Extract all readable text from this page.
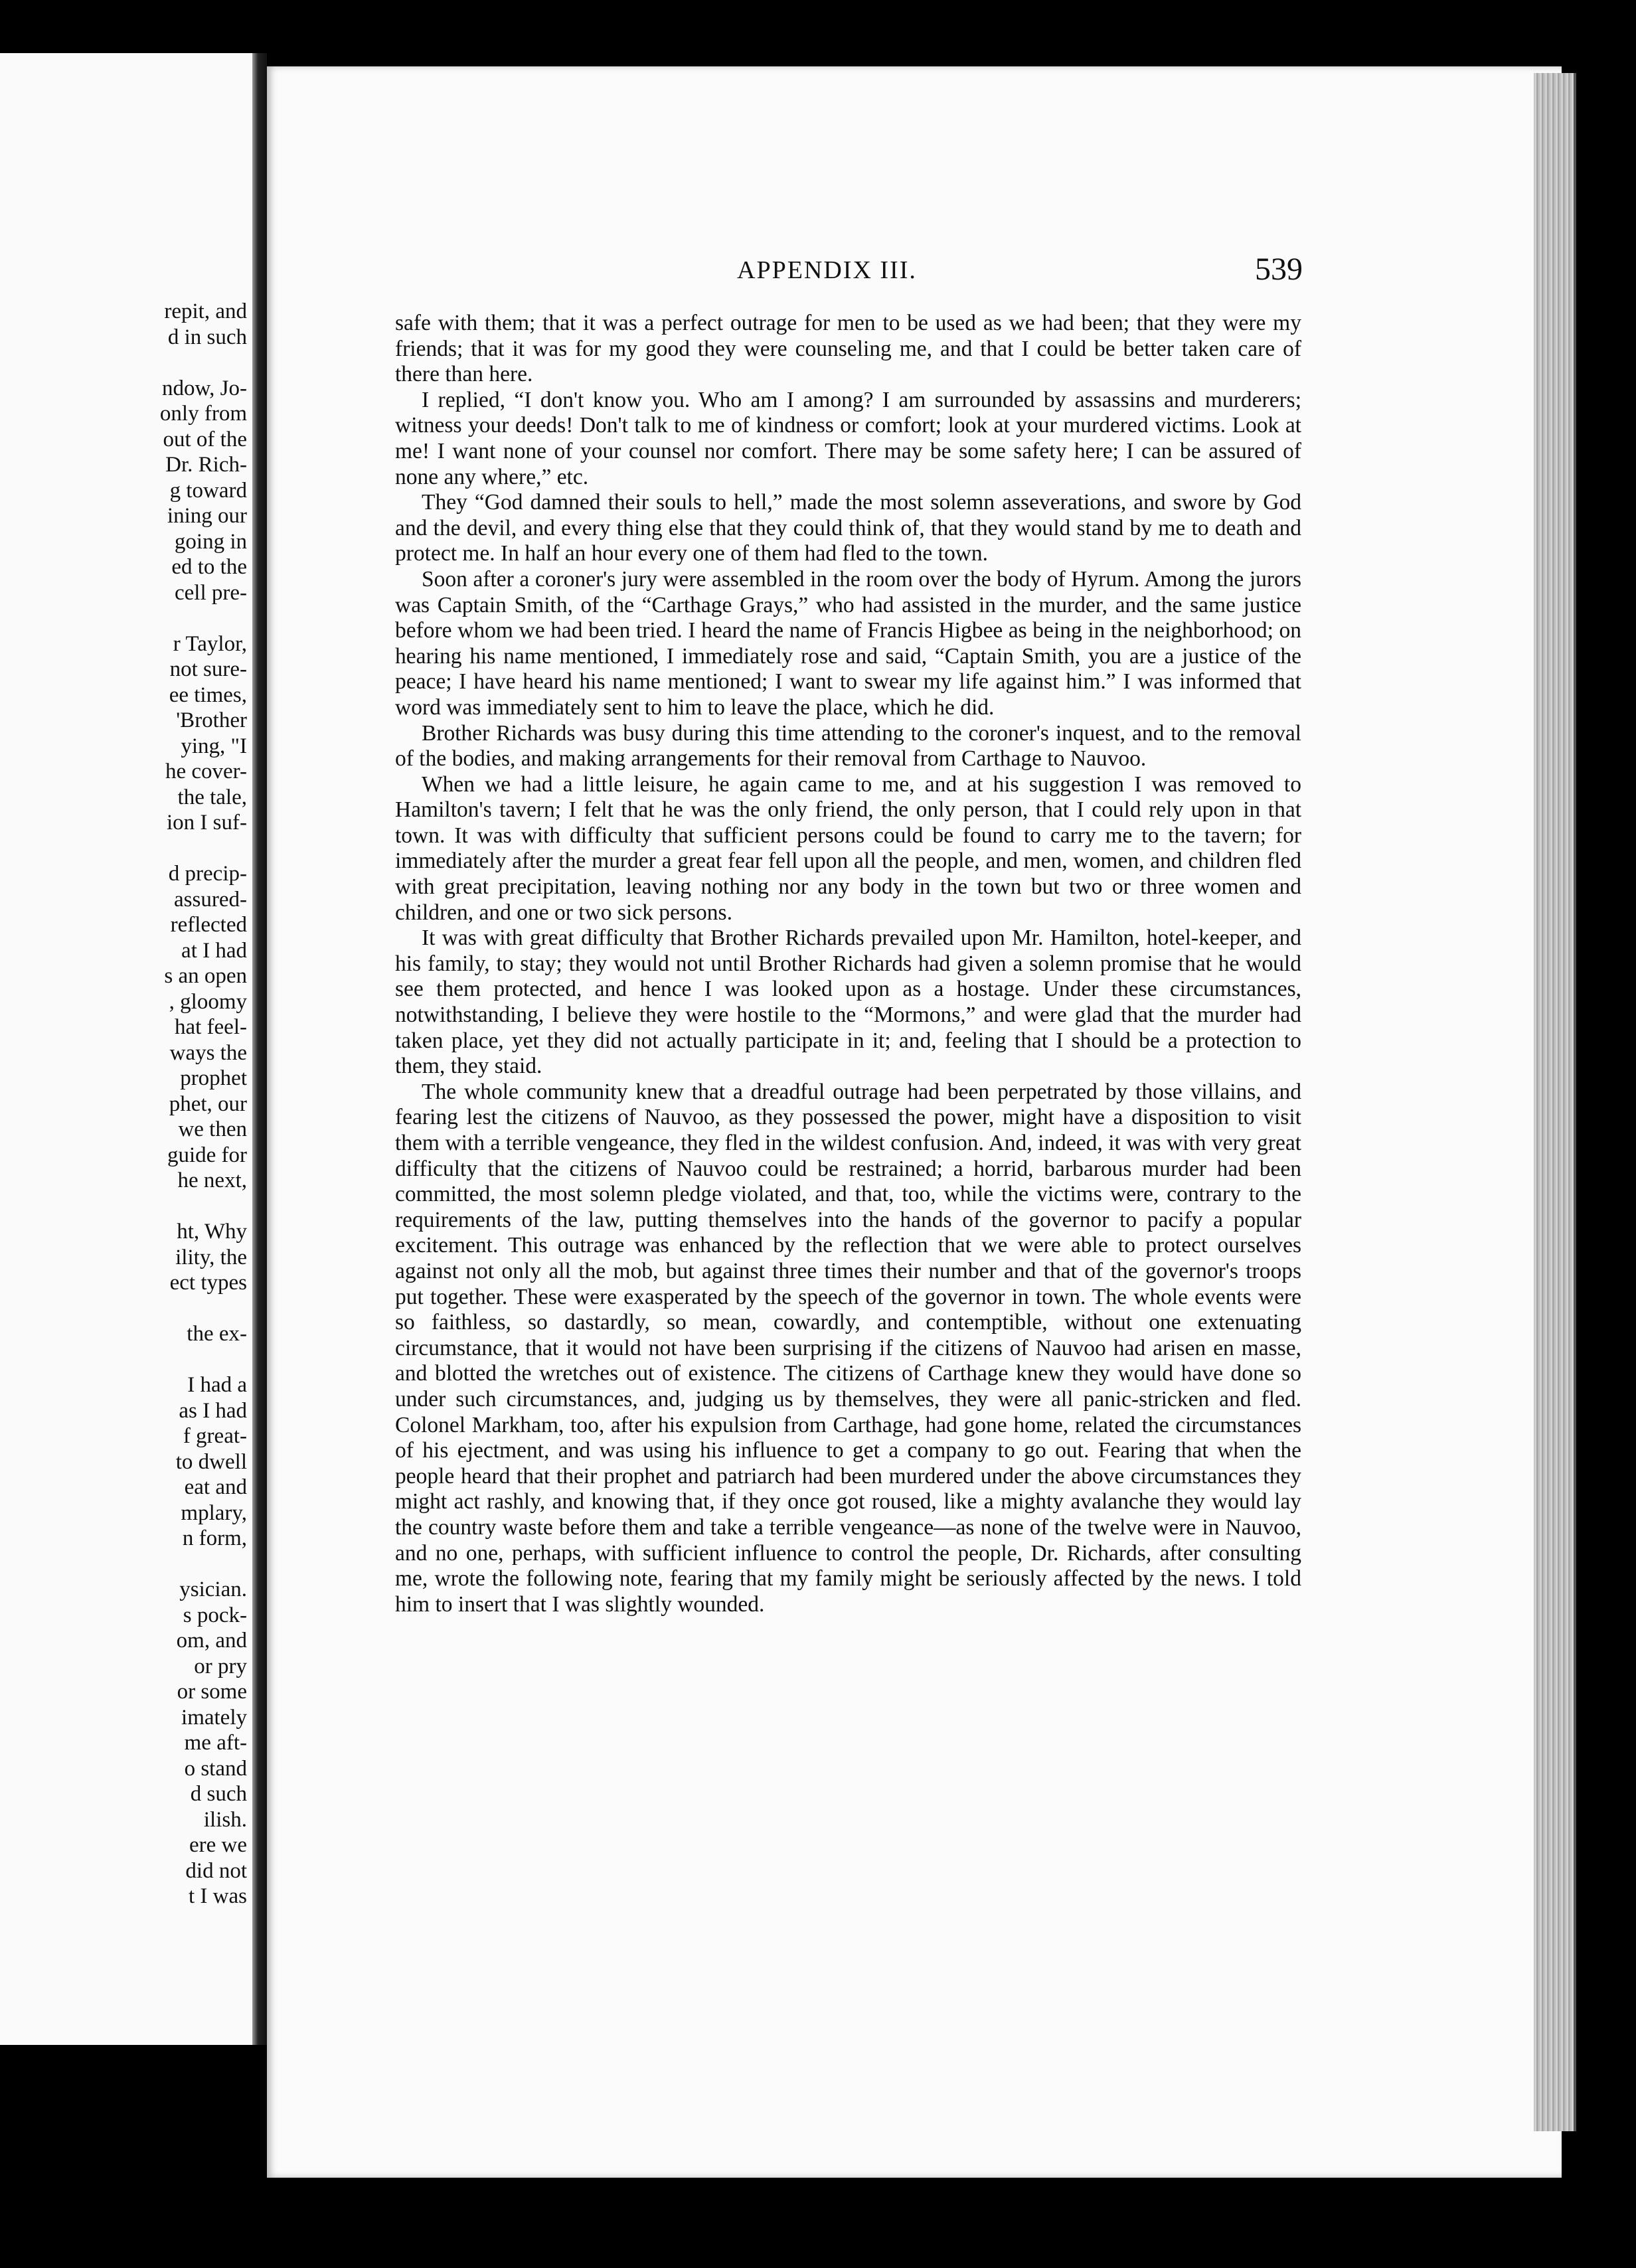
repit, and
d in such
ndow, Jo-
only from
out of the
Dr. Rich-
g toward
ining our
going in
ed to the
cell pre-
r Taylor,
not sure-
ee times,
'Brother
ying, "I
he cover-
the tale,
ion I suf-
d precip-
assured-
reflected
at I had
s an open
, gloomy
hat feel-
ways the
prophet
phet, our
we then
guide for
he next,
ht, Why
ility, the
ect types
the ex-
I had a
as I had
f great-
to dwell
eat and
mplary,
n form,
ysician.
s pock-
om, and
or pry
or some
imately
me aft-
o stand
d such
ilish.
ere we
did not
t I was
APPENDIX III.	539

safe with them; that it was a perfect outrage for men to be used as we had been; that they were my friends; that it was for my good they were counseling me, and that I could be better taken care of there than here.

I replied, “I don't know you. Who am I among? I am surrounded by assassins and murderers; witness your deeds! Don't talk to me of kindness or comfort; look at your murdered victims. Look at me! I want none of your counsel nor comfort. There may be some safety here; I can be assured of none any where,” etc.

They “God damned their souls to hell,” made the most solemn asseverations, and swore by God and the devil, and every thing else that they could think of, that they would stand by me to death and protect me. In half an hour every one of them had fled to the town.

Soon after a coroner's jury were assembled in the room over the body of Hyrum. Among the jurors was Captain Smith, of the “Carthage Grays,” who had assisted in the murder, and the same justice before whom we had been tried. I heard the name of Francis Higbee as being in the neighborhood; on hearing his name mentioned, I immediately rose and said, “Captain Smith, you are a justice of the peace; I have heard his name mentioned; I want to swear my life against him.” I was informed that word was immediately sent to him to leave the place, which he did.

Brother Richards was busy during this time attending to the coroner's inquest, and to the removal of the bodies, and making arrangements for their removal from Carthage to Nauvoo.

When we had a little leisure, he again came to me, and at his suggestion I was removed to Hamilton's tavern; I felt that he was the only friend, the only person, that I could rely upon in that town. It was with difficulty that sufficient persons could be found to carry me to the tavern; for immediately after the murder a great fear fell upon all the people, and men, women, and children fled with great precipitation, leaving nothing nor any body in the town but two or three women and children, and one or two sick persons.

It was with great difficulty that Brother Richards prevailed upon Mr. Hamilton, hotel-keeper, and his family, to stay; they would not until Brother Richards had given a solemn promise that he would see them protected, and hence I was looked upon as a hostage. Under these circumstances, notwithstanding, I believe they were hostile to the “Mormons,” and were glad that the murder had taken place, yet they did not actually participate in it; and, feeling that I should be a protection to them, they staid.

The whole community knew that a dreadful outrage had been perpetrated by those villains, and fearing lest the citizens of Nauvoo, as they possessed the power, might have a disposition to visit them with a terrible vengeance, they fled in the wildest confusion. And, indeed, it was with very great difficulty that the citizens of Nauvoo could be restrained; a horrid, barbarous murder had been committed, the most solemn pledge violated, and that, too, while the victims were, contrary to the requirements of the law, putting themselves into the hands of the governor to pacify a popular excitement. This outrage was enhanced by the reflection that we were able to protect ourselves against not only all the mob, but against three times their number and that of the governor's troops put together. These were exasperated by the speech of the governor in town. The whole events were so faithless, so dastardly, so mean, cowardly, and contemptible, without one extenuating circumstance, that it would not have been surprising if the citizens of Nauvoo had arisen en masse, and blotted the wretches out of existence. The citizens of Carthage knew they would have done so under such circumstances, and, judging us by themselves, they were all panic-stricken and fled. Colonel Markham, too, after his expulsion from Carthage, had gone home, related the circumstances of his ejectment, and was using his influence to get a company to go out. Fearing that when the people heard that their prophet and patriarch had been murdered under the above circumstances they might act rashly, and knowing that, if they once got roused, like a mighty avalanche they would lay the country waste before them and take a terrible vengeance—as none of the twelve were in Nauvoo, and no one, perhaps, with sufficient influence to control the people, Dr. Richards, after consulting me, wrote the following note, fearing that my family might be seriously affected by the news. I told him to insert that I was slightly wounded.
